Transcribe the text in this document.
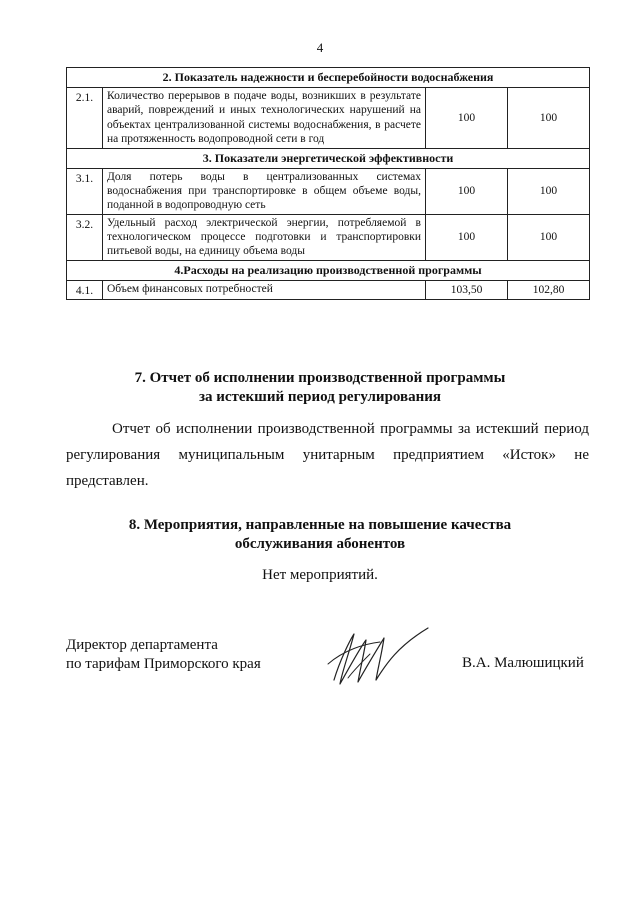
4
2. Показатель надежности и бесперебойности водоснабжения			
2.1.	Количество перерывов в подаче воды, возникших в результате аварий, повреждений и иных технологических нарушений на объектах централизованной системы водоснабжения, в расчете на протяженность водопроводной сети в год	100	100
3. Показатели энергетической эффективности			
3.1.	Доля потерь воды в централизованных системах водоснабжения при транспортировке в общем объеме воды, поданной в водопроводную сеть	100	100
3.2.	Удельный расход электрической энергии, потребляемой в технологическом процессе подготовки и транспортировки питьевой воды, на единицу объема воды	100	100
4.Расходы на реализацию производственной программы			
4.1.	Объем финансовых потребностей	103,50	102,80
7. Отчет об исполнении производственной программы
за истекший период регулирования
Отчет об исполнении производственной программы за истекший период регулирования муниципальным унитарным предприятием «Исток» не представлен.
8. Мероприятия, направленные на повышение качества
обслуживания абонентов
Нет мероприятий.
Директор департамента
по тарифам Приморского края	В.А. Малюшицкий
